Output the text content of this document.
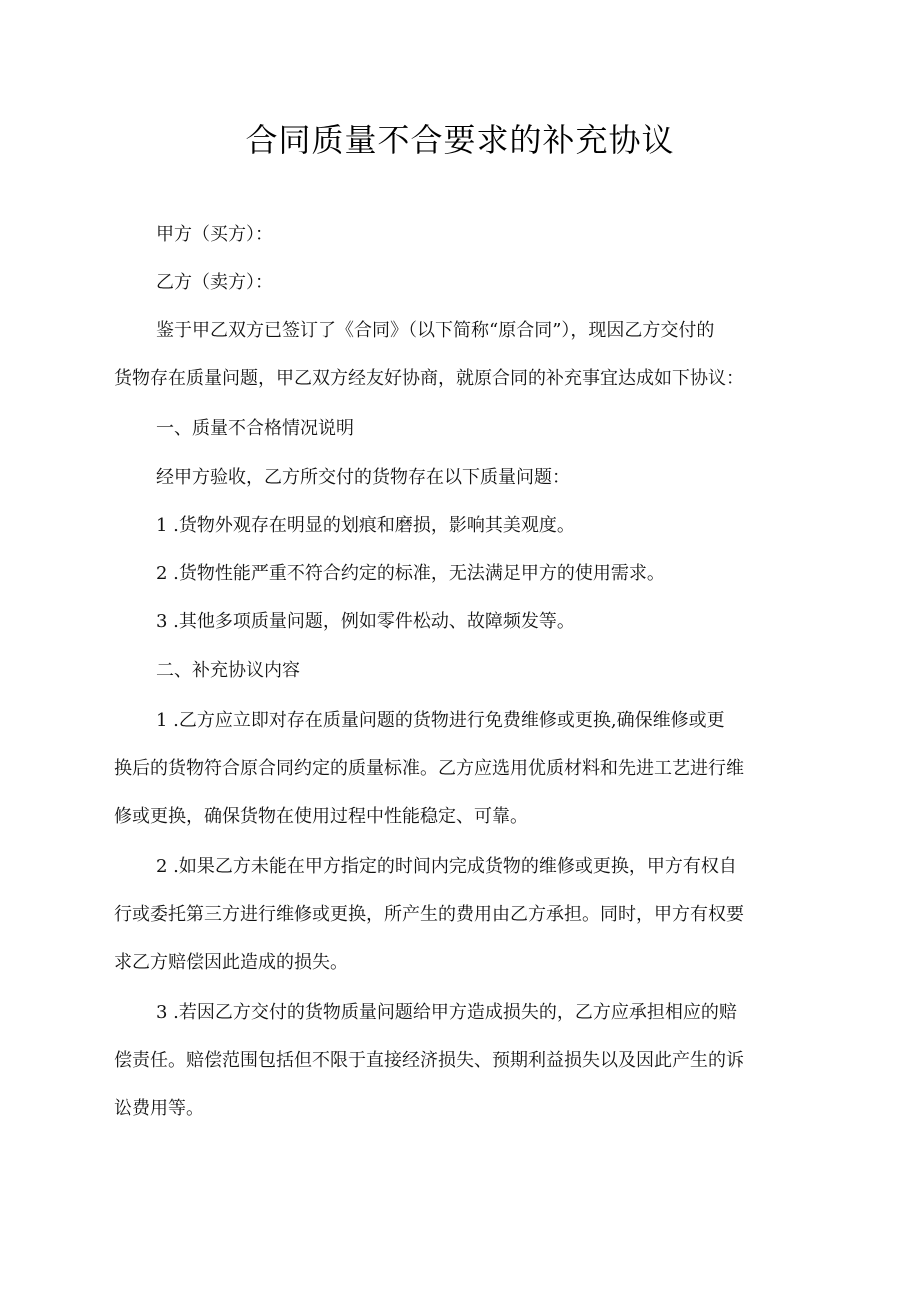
合同质量不合要求的补充协议

甲方（买方）：

乙方（卖方）：

鉴于甲乙双方已签订了《合同》（以下简称“原合同”），现因乙方交付的

货物存在质量问题，甲乙双方经友好协商，就原合同的补充事宜达成如下协议：

一、质量不合格情况说明

经甲方验收，乙方所交付的货物存在以下质量问题：

1 .货物外观存在明显的划痕和磨损，影响其美观度。

2 .货物性能严重不符合约定的标准，无法满足甲方的使用需求。

3 .其他多项质量问题，例如零件松动、故障频发等。

二、补充协议内容

1 .乙方应立即对存在质量问题的货物进行免费维修或更换,确保维修或更

换后的货物符合原合同约定的质量标准。乙方应选用优质材料和先进工艺进行维

修或更换，确保货物在使用过程中性能稳定、可靠。

2 .如果乙方未能在甲方指定的时间内完成货物的维修或更换，甲方有权自

行或委托第三方进行维修或更换，所产生的费用由乙方承担。同时，甲方有权要

求乙方赔偿因此造成的损失。

3 .若因乙方交付的货物质量问题给甲方造成损失的，乙方应承担相应的赔

偿责任。赔偿范围包括但不限于直接经济损失、预期利益损失以及因此产生的诉

讼费用等。
